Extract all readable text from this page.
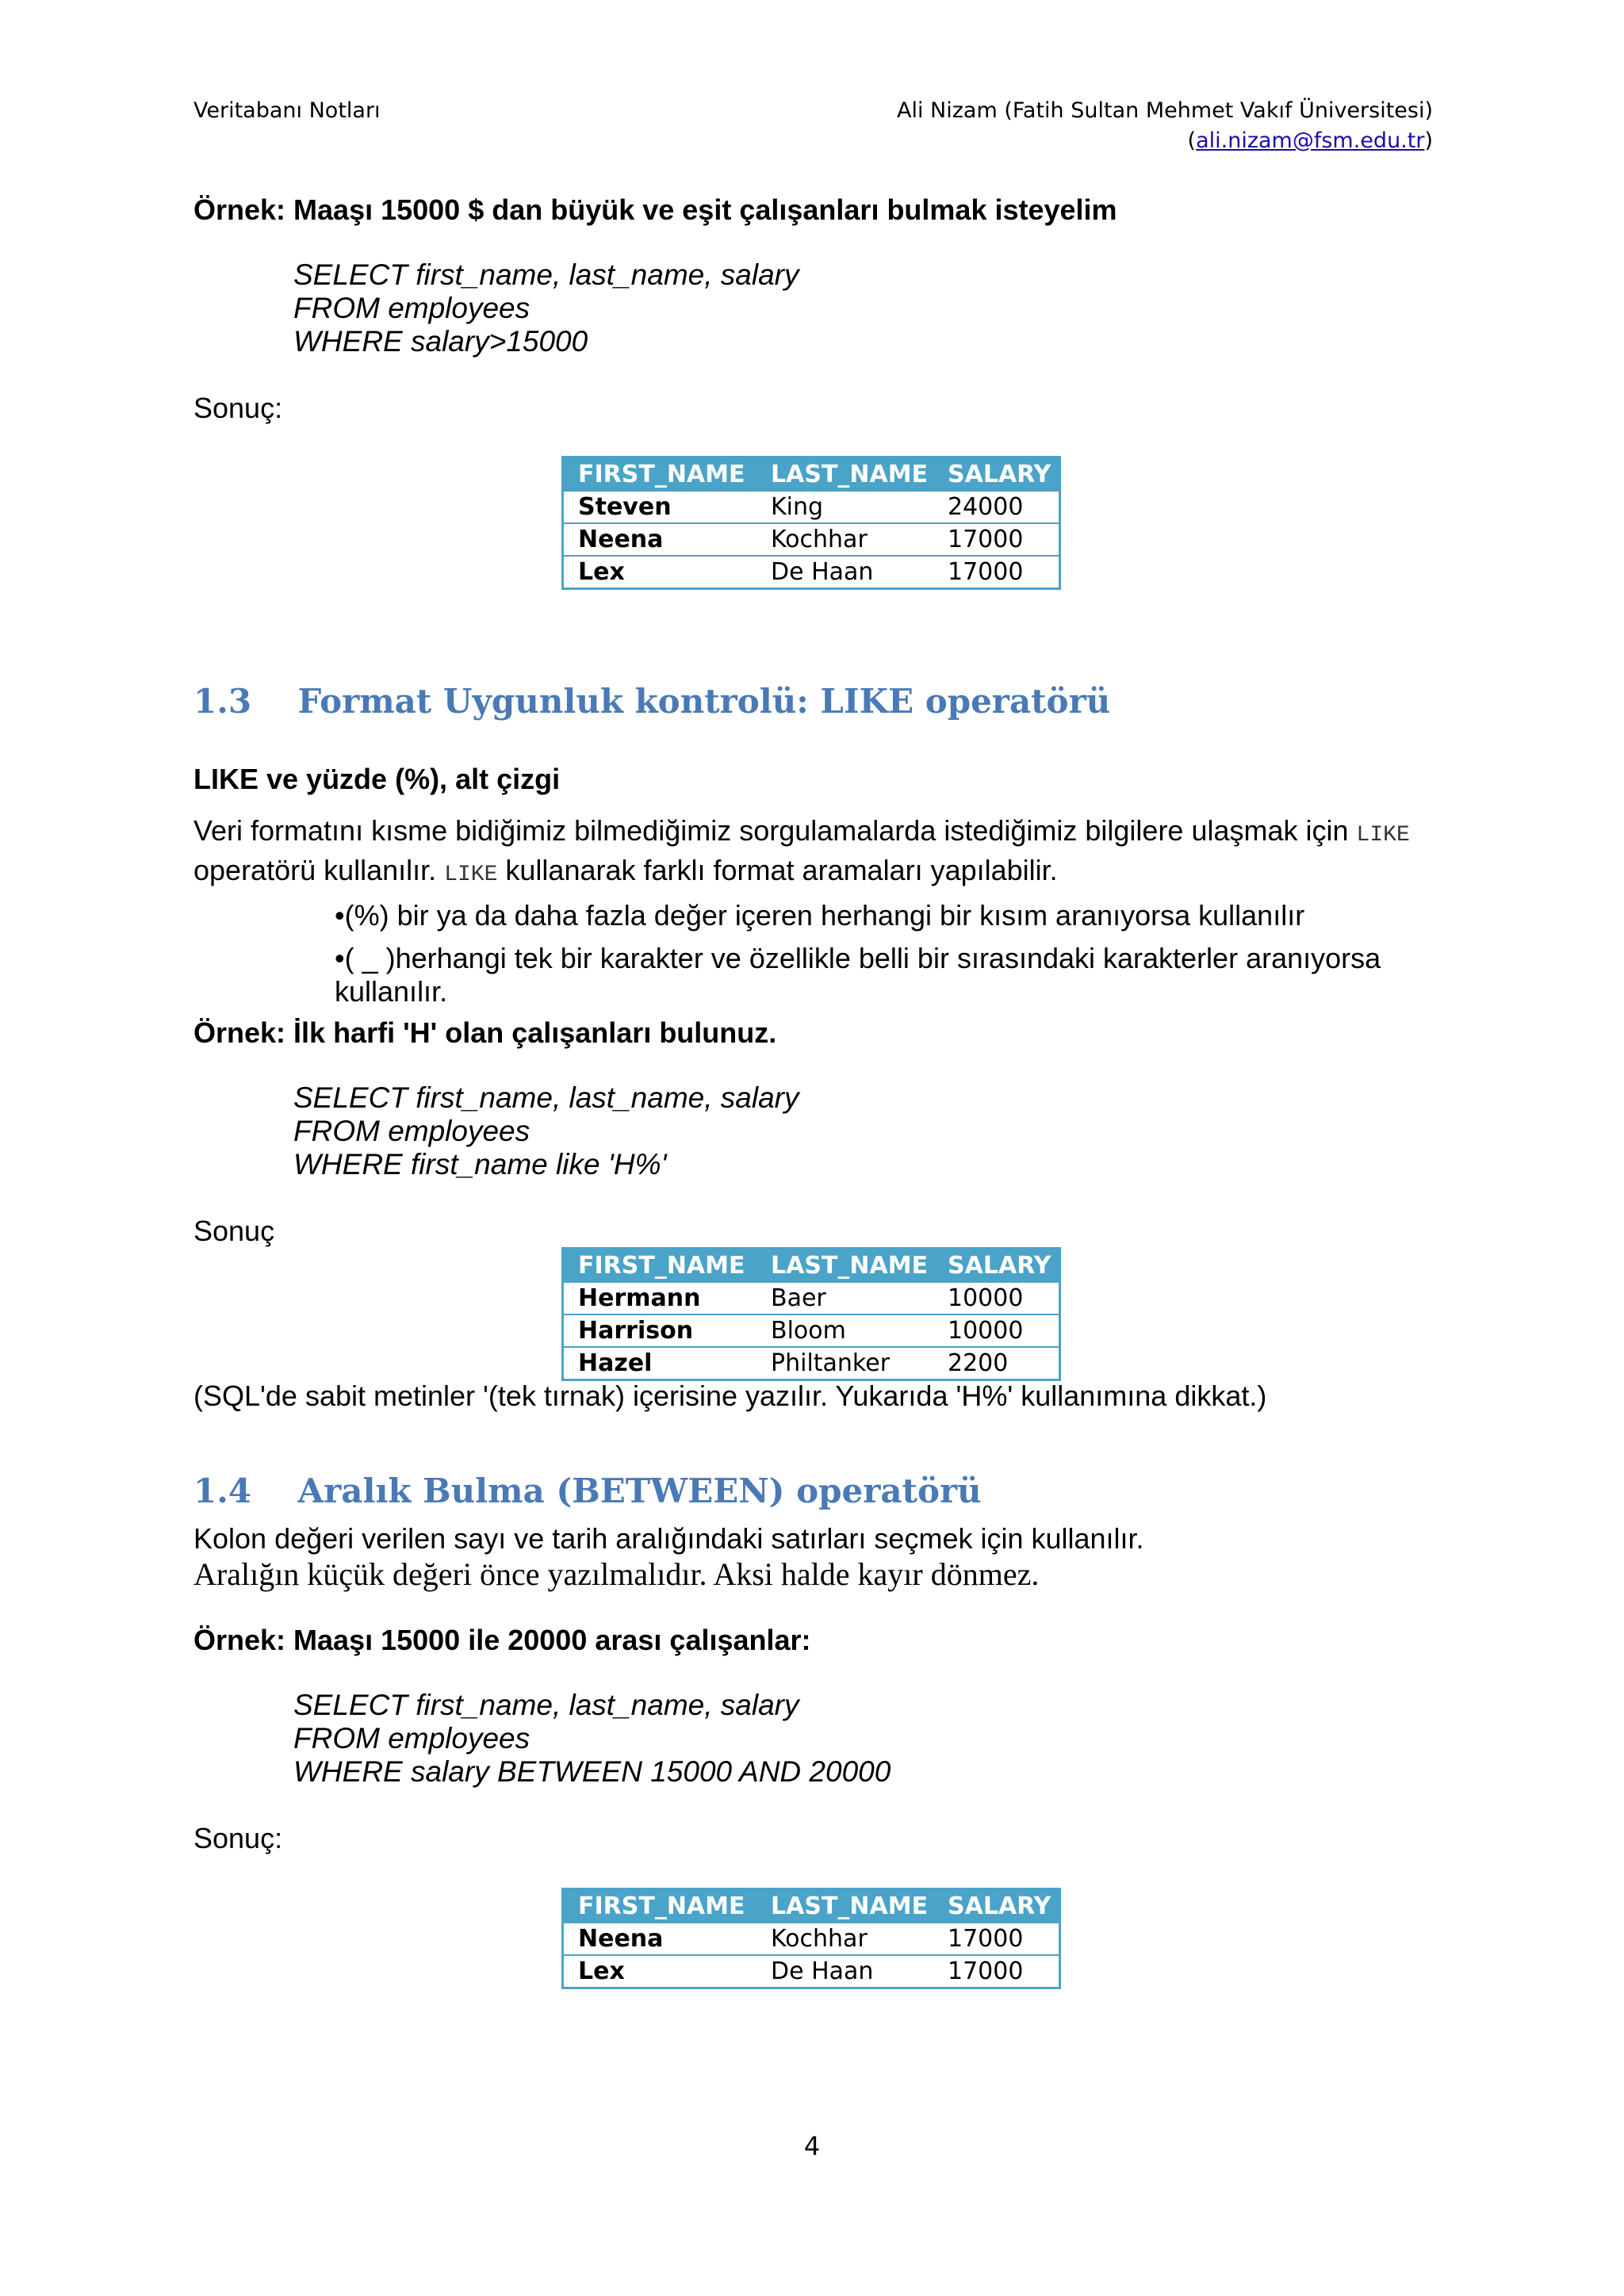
Veritabanı Notları	Ali Nizam (Fatih Sultan Mehmet Vakıf Üniversitesi)
(ali.nizam@fsm.edu.tr)
Örnek: Maaşı 15000 $ dan büyük ve eşit çalışanları bulmak isteyelim
SELECT first_name, last_name, salary
FROM employees
WHERE salary>15000
Sonuç:
FIRST_NAME	LAST_NAME	SALARY
Steven	King	24000
Neena	Kochhar	17000
Lex	De Haan	17000
1.3    Format Uygunluk kontrolü: LIKE operatörü
LIKE ve yüzde (%), alt çizgi
Veri formatını kısme bidiğimiz bilmediğimiz sorgulamalarda istediğimiz bilgilere ulaşmak için LIKE
operatörü kullanılır. LIKE kullanarak farklı format aramaları yapılabilir.
•(%) bir ya da daha fazla değer içeren herhangi bir kısım aranıyorsa kullanılır
•( _ )herhangi tek bir karakter ve özellikle belli bir sırasındaki karakterler aranıyorsa
kullanılır.
Örnek: İlk harfi 'H' olan çalışanları bulunuz.
SELECT first_name, last_name, salary
FROM employees
WHERE first_name like 'H%'
Sonuç
FIRST_NAME	LAST_NAME	SALARY
Hermann	Baer	10000
Harrison	Bloom	10000
Hazel	Philtanker	2200
(SQL'de sabit metinler '(tek tırnak) içerisine yazılır. Yukarıda 'H%' kullanımına dikkat.)
1.4    Aralık Bulma (BETWEEN) operatörü
Kolon değeri verilen sayı ve tarih aralığındaki satırları seçmek için kullanılır.
Aralığın küçük değeri önce yazılmalıdır. Aksi halde kayır dönmez.
Örnek: Maaşı 15000 ile 20000 arası çalışanlar:
SELECT first_name, last_name, salary
FROM employees
WHERE salary BETWEEN 15000 AND 20000
Sonuç:
FIRST_NAME	LAST_NAME	SALARY
Neena	Kochhar	17000
Lex	De Haan	17000
4
